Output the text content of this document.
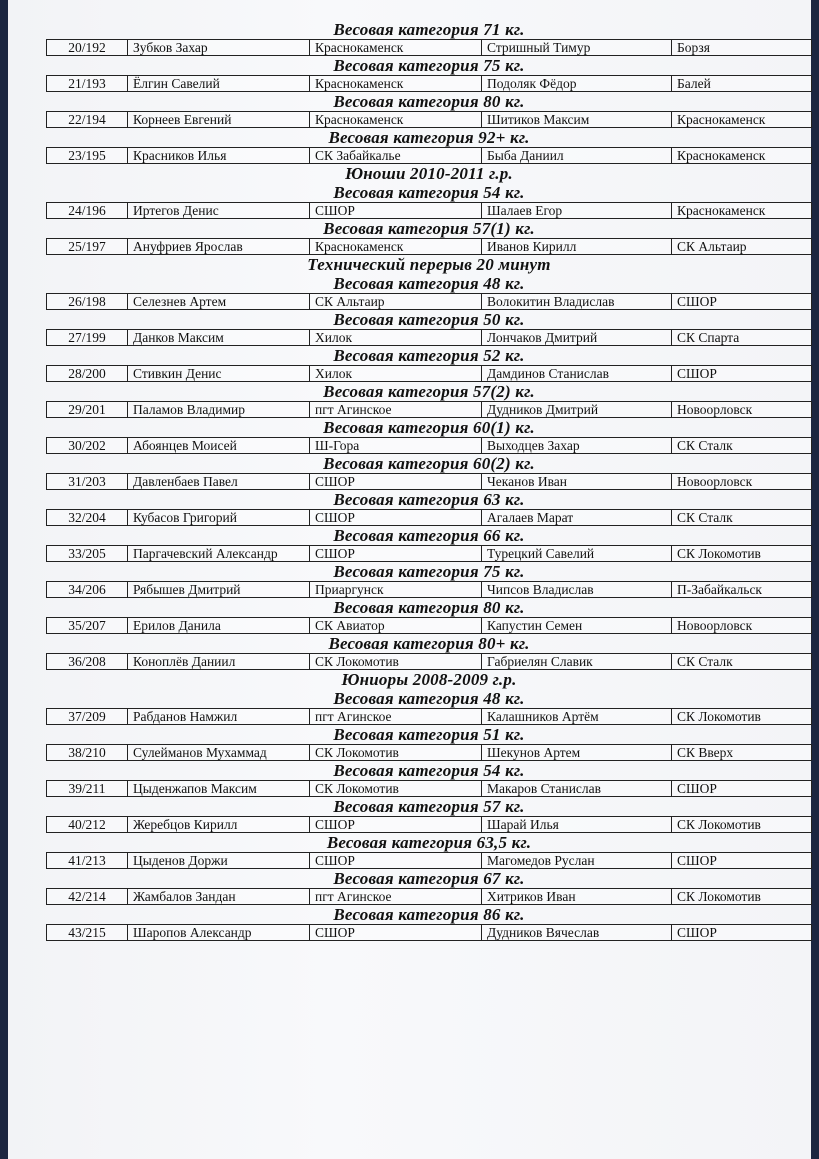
Весовая категория 71 кг.
20/192	Зубков Захар	Краснокаменск	Стришный Тимур	Борзя
Весовая категория 75 кг.
21/193	Ёлгин Савелий	Краснокаменск	Подоляк Фёдор	Балей
Весовая категория 80 кг.
22/194	Корнеев Евгений	Краснокаменск	Шитиков Максим	Краснокаменск
Весовая категория 92+ кг.
23/195	Красников Илья	СК Забайкалье	Быба Даниил	Краснокаменск
Юноши 2010-2011 г.р.
Весовая категория 54 кг.
24/196	Иртегов Денис	СШОР	Шалаев Егор	Краснокаменск
Весовая категория 57(1) кг.
25/197	Ануфриев Ярослав	Краснокаменск	Иванов Кирилл	СК Альтаир
Технический перерыв 20 минут
Весовая категория 48 кг.
26/198	Селезнев Артем	СК Альтаир	Волокитин Владислав	СШОР
Весовая категория 50 кг.
27/199	Данков Максим	Хилок	Лончаков Дмитрий	СК Спарта
Весовая категория 52 кг.
28/200	Стивкин Денис	Хилок	Дамдинов Станислав	СШОР
Весовая категория 57(2) кг.
29/201	Паламов Владимир	пгт Агинское	Дудников Дмитрий	Новоорловск
Весовая категория 60(1) кг.
30/202	Абоянцев Моисей	Ш-Гора	Выходцев Захар	СК Сталк
Весовая категория 60(2) кг.
31/203	Давленбаев Павел	СШОР	Чеканов Иван	Новоорловск
Весовая категория 63 кг.
32/204	Кубасов Григорий	СШОР	Агалаев Марат	СК Сталк
Весовая категория 66 кг.
33/205	Паргачевский Александр	СШОР	Турецкий Савелий	СК Локомотив
Весовая категория 75 кг.
34/206	Рябышев Дмитрий	Приаргунск	Чипсов Владислав	П-Забайкальск
Весовая категория 80 кг.
35/207	Ерилов Данила	СК Авиатор	Капустин Семен	Новоорловск
Весовая категория 80+ кг.
36/208	Коноплёв Даниил	СК Локомотив	Габриелян Славик	СК Сталк
Юниоры 2008-2009 г.р.
Весовая категория 48 кг.
37/209	Рабданов Намжил	пгт Агинское	Калашников Артём	СК Локомотив
Весовая категория 51 кг.
38/210	Сулейманов Мухаммад	СК Локомотив	Шекунов Артем	СК Вверх
Весовая категория 54 кг.
39/211	Цыденжапов Максим	СК Локомотив	Макаров Станислав	СШОР
Весовая категория 57 кг.
40/212	Жеребцов Кирилл	СШОР	Шарай Илья	СК Локомотив
Весовая категория 63,5 кг.
41/213	Цыденов Доржи	СШОР	Магомедов Руслан	СШОР
Весовая категория 67 кг.
42/214	Жамбалов Зандан	пгт Агинское	Хитриков Иван	СК Локомотив
Весовая категория 86 кг.
43/215	Шаропов Александр	СШОР	Дудников Вячеслав	СШОР
